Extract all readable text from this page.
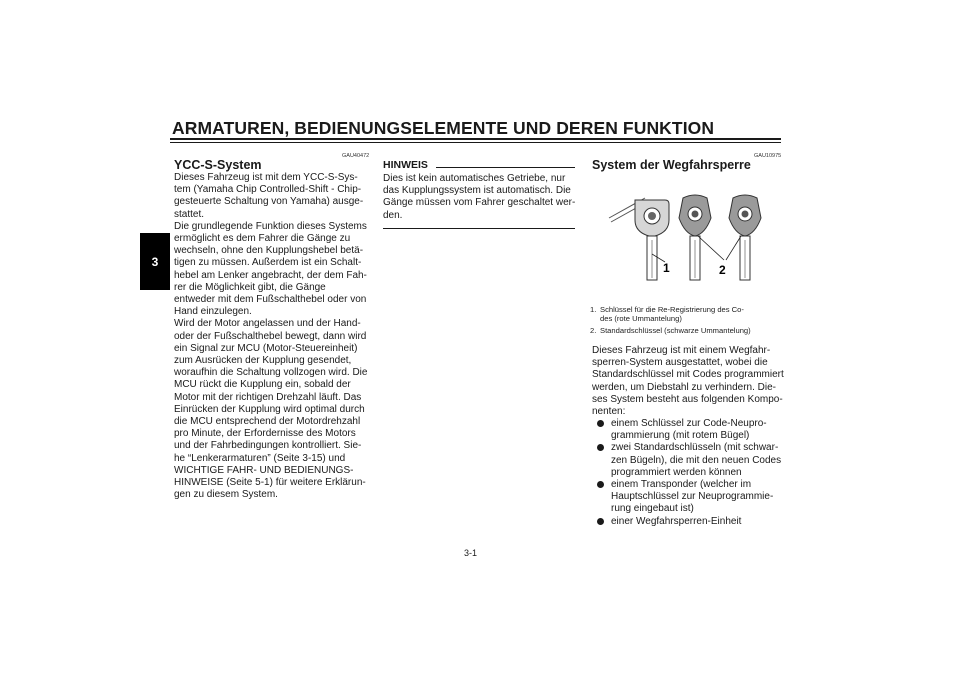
ARMATUREN, BEDIENUNGSELEMENTE UND DEREN FUNKTION
3
GAU40472
YCC-S-System
Dieses Fahrzeug ist mit dem YCC-S-Sys-
tem (Yamaha Chip Controlled-Shift - Chip-
gesteuerte Schaltung von Yamaha) ausge-
stattet.
Die grundlegende Funktion dieses Systems
ermöglicht es dem Fahrer die Gänge zu
wechseln, ohne den Kupplungshebel betä-
tigen zu müssen. Außerdem ist ein Schalt-
hebel am Lenker angebracht, der dem Fah-
rer die Möglichkeit gibt, die Gänge
entweder mit dem Fußschalthebel oder von
Hand einzulegen.
Wird der Motor angelassen und der Hand-
oder der Fußschalthebel bewegt, dann wird
ein Signal zur MCU (Motor-Steuereinheit)
zum Ausrücken der Kupplung gesendet,
woraufhin die Schaltung vollzogen wird. Die
MCU rückt die Kupplung ein, sobald der
Motor mit der richtigen Drehzahl läuft. Das
Einrücken der Kupplung wird optimal durch
die MCU entsprechend der Motordrehzahl
pro Minute, der Erfordernisse des Motors
und der Fahrbedingungen kontrolliert. Sie-
he “Lenkerarmaturen” (Seite 3-15) und
WICHTIGE FAHR- UND BEDIENUNGS-
HINWEISE (Seite 5-1) für weitere Erklärun-
gen zu diesem System.
HINWEIS
Dies ist kein automatisches Getriebe, nur
das Kupplungssystem ist automatisch. Die
Gänge müssen vom Fahrer geschaltet wer-
den.
GAU10975
System der Wegfahrsperre
1	2
1. Schlüssel für die Re-Registrierung des Co-
des (rote Ummantelung)
2. Standardschlüssel (schwarze Ummantelung)
Dieses Fahrzeug ist mit einem Wegfahr-
sperren-System ausgestattet, wobei die
Standardschlüssel mit Codes programmiert
werden, um Diebstahl zu verhindern. Die-
ses System besteht aus folgenden Kompo-
nenten:
einem Schlüssel zur Code-Neupro-
grammierung (mit rotem Bügel)
zwei Standardschlüsseln (mit schwar-
zen Bügeln), die mit den neuen Codes
programmiert werden können
einem Transponder (welcher im
Hauptschlüssel zur Neuprogrammie-
rung eingebaut ist)
einer Wegfahrsperren-Einheit
3-1
